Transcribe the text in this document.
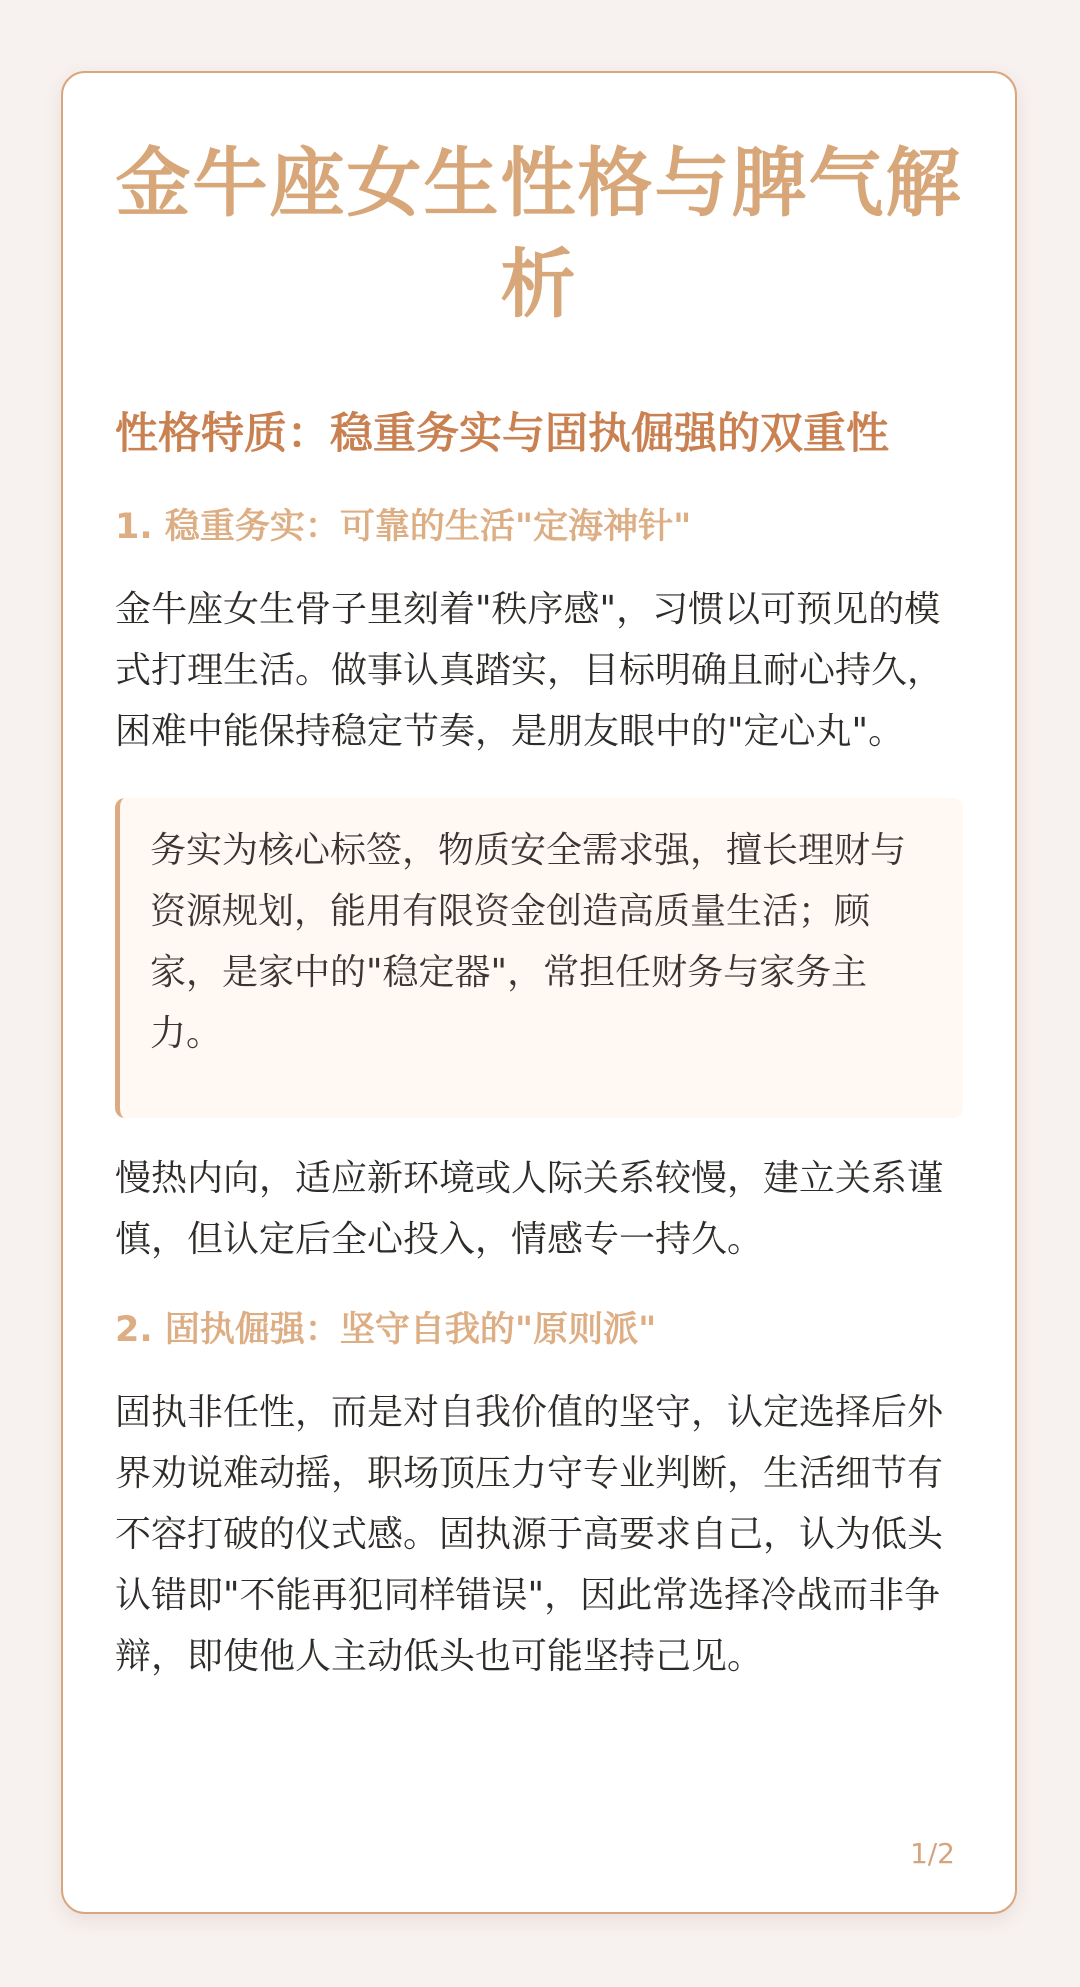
金牛座女生性格与脾气解析
性格特质：稳重务实与固执倔强的双重性
1. 稳重务实：可靠的生活"定海神针"

金牛座女生骨子里刻着"秩序感"，习惯以可预见的模式打理生活。做事认真踏实，目标明确且耐心持久，困难中能保持稳定节奏，是朋友眼中的"定心丸"。

务实为核心标签，物质安全需求强，擅长理财与资源规划，能用有限资金创造高质量生活；顾家，是家中的"稳定器"，常担任财务与家务主力。

慢热内向，适应新环境或人际关系较慢，建立关系谨慎，但认定后全心投入，情感专一持久。

2. 固执倔强：坚守自我的"原则派"

固执非任性，而是对自我价值的坚守，认定选择后外界劝说难动摇，职场顶压力守专业判断，生活细节有不容打破的仪式感。固执源于高要求自己，认为低头认错即"不能再犯同样错误"，因此常选择冷战而非争辩，即使他人主动低头也可能坚持己见。

1/2
